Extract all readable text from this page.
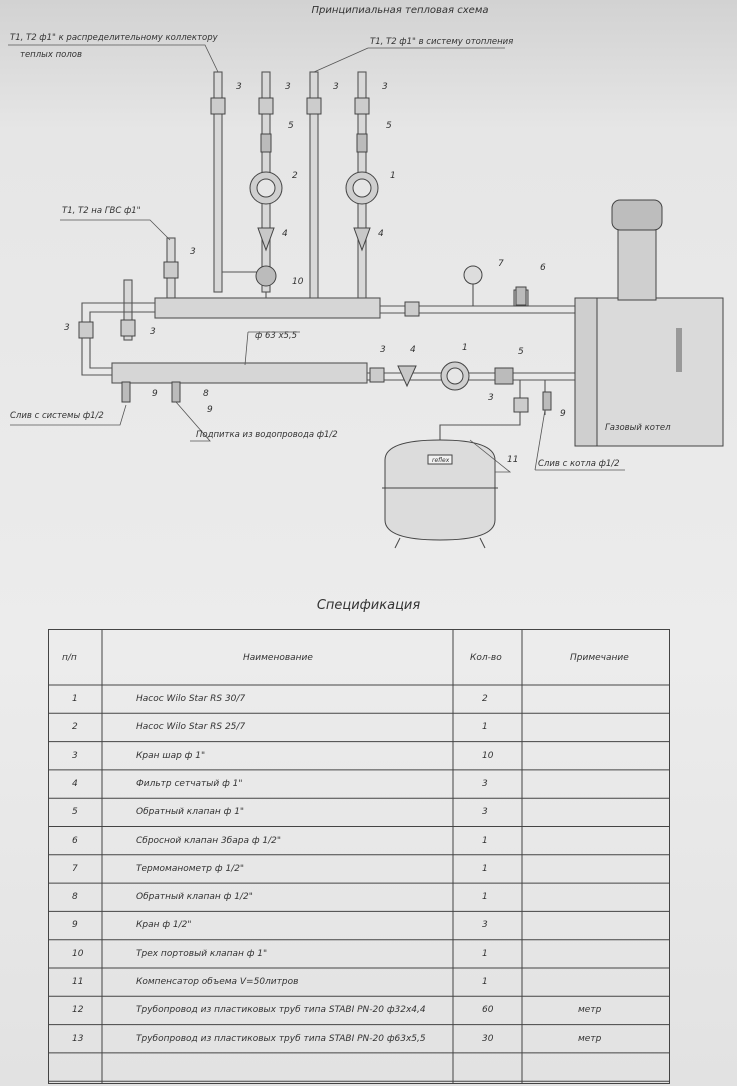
Принципиальная тепловая схема
Т1, Т2 ф1" к распределительному коллектору
теплых полов
Т1, Т2 ф1" в систему отопления
Т1, Т2 на ГВС ф1"
ф 63 х5,5
Слив с системы ф1/2
Подпитка из водопровода ф1/2
Слив с котла ф1/2
Газовый котел
reflex
3	3	3	3
5	5
2	1
3
4	4
10
7	6
3	3
3	4	1	5
3
9	8
9	9
11
Спецификация
п/п	Наименование	Кол-во	Примечание
1	Насос Wilo Star RS 30/7	2
2	Насос Wilo Star RS 25/7	1
3	Кран шар ф 1"	10
4	Фильтр сетчатый ф 1"	3
5	Обратный клапан ф 1"	3
6	Сбросной клапан 3бара ф 1/2"	1
7	Термоманометр ф 1/2"	1
8	Обратный клапан ф 1/2"	1
9	Кран ф 1/2"	3
10	Трех портовый клапан ф 1"	1
11	Компенсатор объема V=50литров	1
12	Трубопровод из пластиковых труб типа STABI PN-20 ф32х4,4	60	метр
13	Трубопровод из пластиковых труб типа STABI PN-20 ф63х5,5	30	метр
